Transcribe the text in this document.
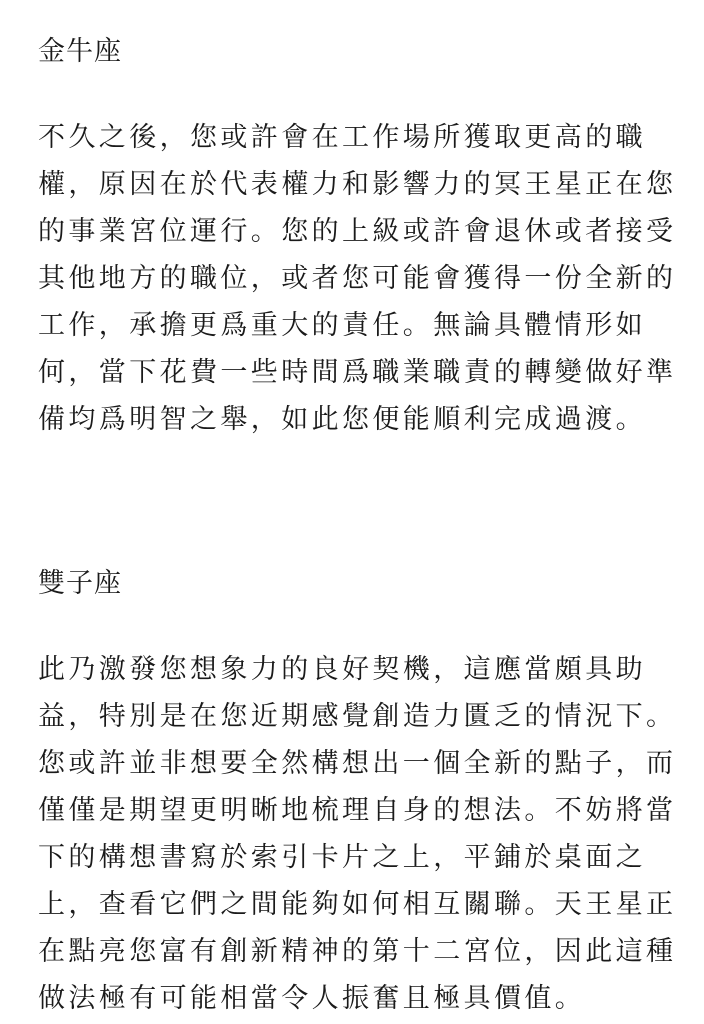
金牛座

不久之後，您或許會在工作場所獲取更高的職
權，原因在於代表權力和影響力的冥王星正在您
的事業宮位運行。您的上級或許會退休或者接受
其他地方的職位，或者您可能會獲得一份全新的
工作，承擔更爲重大的責任。無論具體情形如
何，當下花費一些時間爲職業職責的轉變做好準
備均爲明智之舉，如此您便能順利完成過渡。

雙子座

此乃激發您想象力的良好契機，這應當頗具助
益，特別是在您近期感覺創造力匱乏的情況下。
您或許並非想要全然構想出一個全新的點子，而
僅僅是期望更明晰地梳理自身的想法。不妨將當
下的構想書寫於索引卡片之上，平鋪於桌面之
上，查看它們之間能夠如何相互關聯。天王星正
在點亮您富有創新精神的第十二宮位，因此這種
做法極有可能相當令人振奮且極具價值。
